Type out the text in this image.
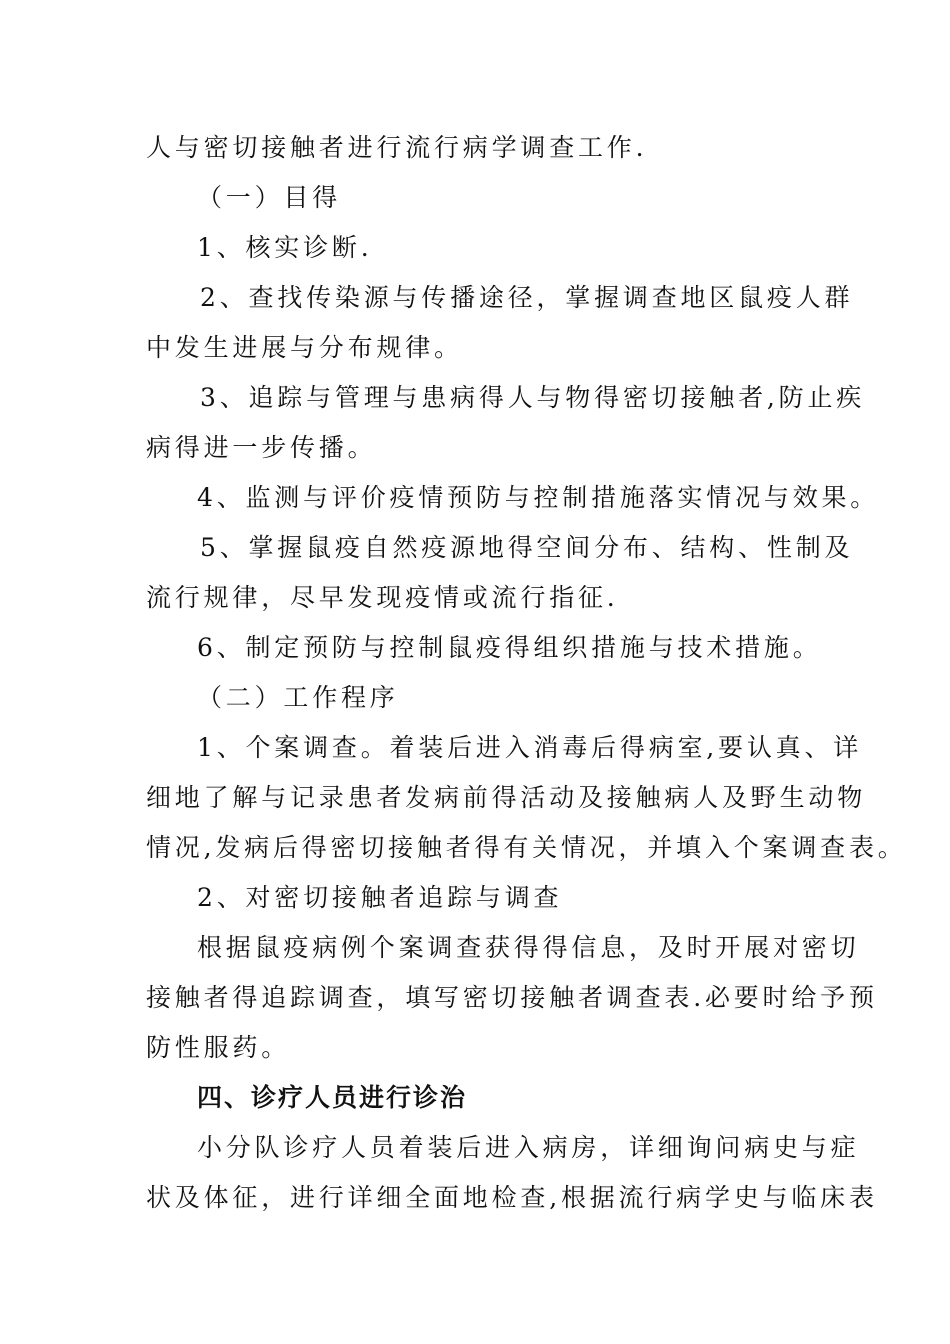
人与密切接触者进行流行病学调查工作.
（一）目得
1、核实诊断.
2、查找传染源与传播途径，掌握调查地区鼠疫人群
中发生进展与分布规律。
3、追踪与管理与患病得人与物得密切接触者,防止疾
病得进一步传播。
4、监测与评价疫情预防与控制措施落实情况与效果。
5、掌握鼠疫自然疫源地得空间分布、结构、性制及
流行规律，尽早发现疫情或流行指征.
6、制定预防与控制鼠疫得组织措施与技术措施。
（二）工作程序
1、个案调查。着装后进入消毒后得病室,要认真、详
细地了解与记录患者发病前得活动及接触病人及野生动物
情况,发病后得密切接触者得有关情况，并填入个案调查表。
2、对密切接触者追踪与调查
根据鼠疫病例个案调查获得得信息，及时开展对密切
接触者得追踪调查，填写密切接触者调查表.必要时给予预
防性服药。
四、诊疗人员进行诊治
小分队诊疗人员着装后进入病房，详细询问病史与症
状及体征，进行详细全面地检查,根据流行病学史与临床表
